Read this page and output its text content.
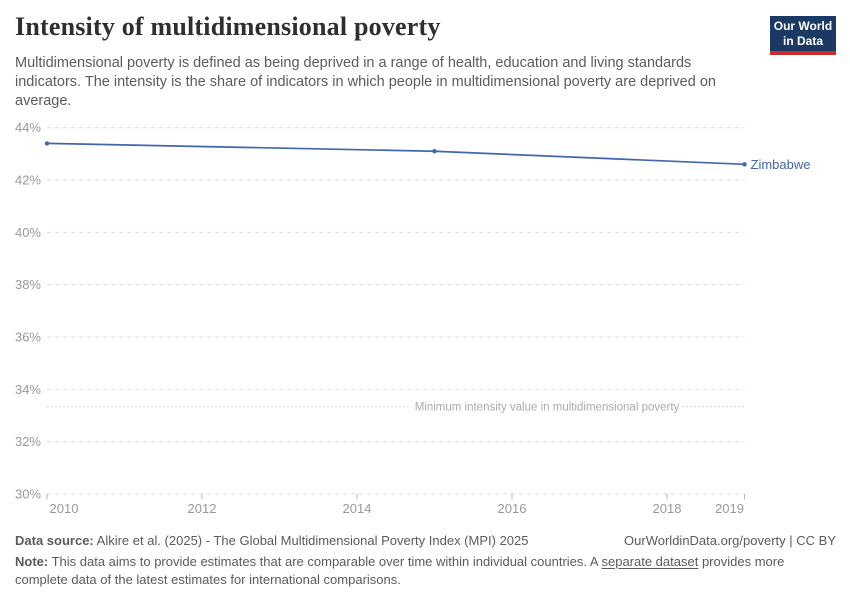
Intensity of multidimensional poverty	Our World
in Data

Multidimensional poverty is defined as being deprived in a range of health, education and living standards indicators. The intensity is the share of indicators in which people in multidimensional poverty are deprived on average.

44%
42%
40%
38%
36%
34%
32%
30%
2010	2012	2014	2016	2018	2019
Minimum intensity value in multidimensional poverty
Zimbabwe
Data source: Alkire et al. (2025) - The Global Multidimensional Poverty Index (MPI) 2025	OurWorldinData.org/poverty | CC BY
Note: This data aims to provide estimates that are comparable over time within individual countries. A separate dataset provides more complete data of the latest estimates for international comparisons.
